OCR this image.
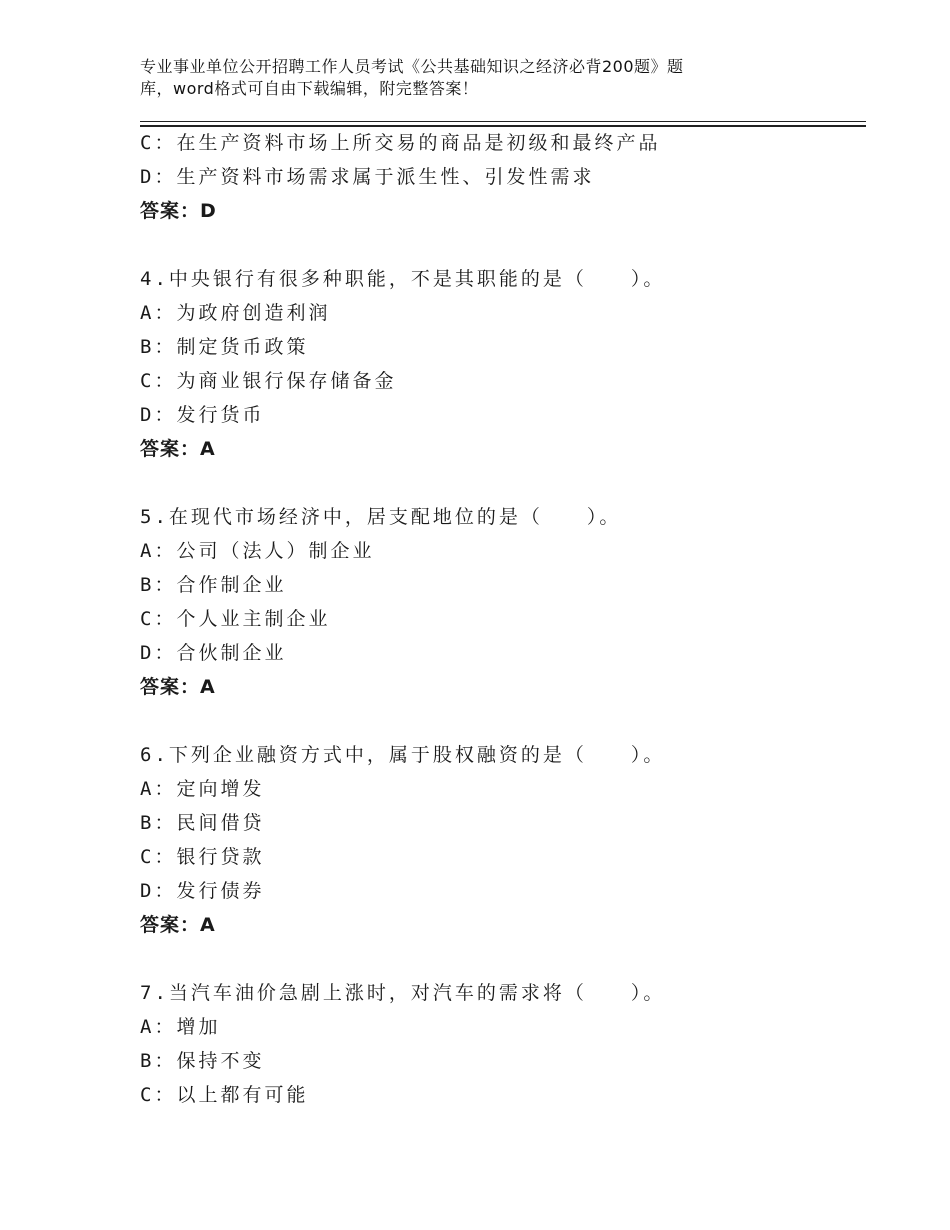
专业事业单位公开招聘工作人员考试《公共基础知识之经济必背200题》题
库，word格式可自由下载编辑，附完整答案！
C：在生产资料市场上所交易的商品是初级和最终产品
D：生产资料市场需求属于派生性、引发性需求
答案：D
4.中央银行有很多种职能，不是其职能的是（　　）。
A：为政府创造利润
B：制定货币政策
C：为商业银行保存储备金
D：发行货币
答案：A
5.在现代市场经济中，居支配地位的是（　　）。
A：公司（法人）制企业
B：合作制企业
C：个人业主制企业
D：合伙制企业
答案：A
6.下列企业融资方式中，属于股权融资的是（　　）。
A：定向增发
B：民间借贷
C：银行贷款
D：发行债券
答案：A
7.当汽车油价急剧上涨时，对汽车的需求将（　　）。
A：增加
B：保持不变
C：以上都有可能
